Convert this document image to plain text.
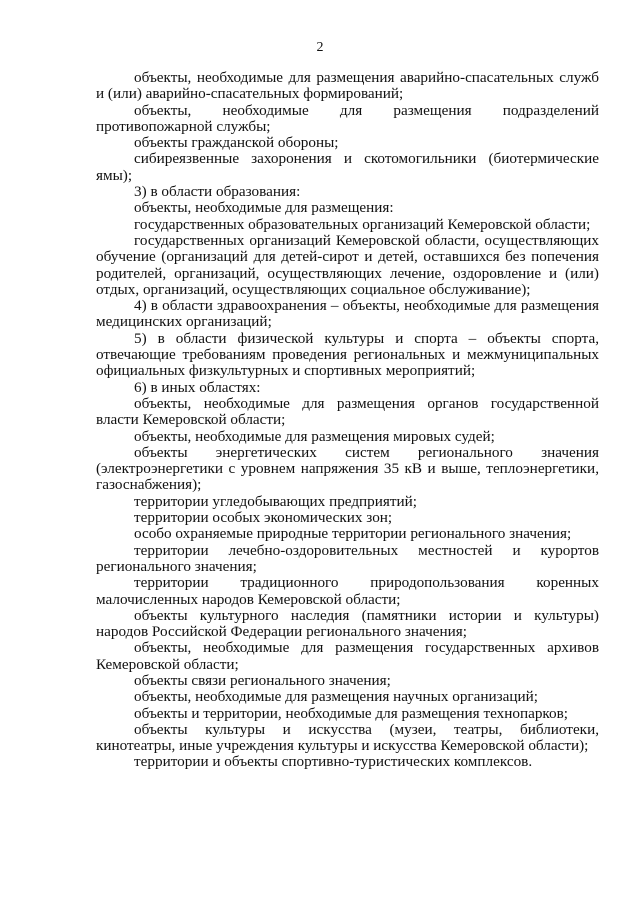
2

объекты, необходимые для размещения аварийно-спасательных служб и (или) аварийно-спасательных формирований;

объекты, необходимые для размещения подразделений противопожарной службы;

объекты гражданской обороны;

сибиреязвенные захоронения и скотомогильники (биотермические ямы);

3) в области образования:

объекты, необходимые для размещения:

государственных образовательных организаций Кемеровской области;

государственных организаций Кемеровской области, осуществляющих обучение (организаций для детей-сирот и детей, оставшихся без попечения родителей, организаций, осуществляющих лечение, оздоровление и (или) отдых, организаций, осуществляющих социальное обслуживание);

4) в области здравоохранения – объекты, необходимые для размещения медицинских организаций;

5) в области физической культуры и спорта – объекты спорта, отвечающие требованиям проведения региональных и межмуниципальных официальных физкультурных и спортивных мероприятий;

6) в иных областях:

объекты, необходимые для размещения органов государственной власти Кемеровской области;

объекты, необходимые для размещения мировых судей;

объекты энергетических систем регионального значения (электроэнергетики с уровнем напряжения 35 кВ и выше, теплоэнергетики, газоснабжения);

территории угледобывающих предприятий;

территории особых экономических зон;

особо охраняемые природные территории регионального значения;

территории лечебно-оздоровительных местностей и курортов регионального значения;

территории традиционного природопользования коренных малочисленных народов Кемеровской области;

объекты культурного наследия (памятники истории и культуры) народов Российской Федерации регионального значения;

объекты, необходимые для размещения государственных архивов Кемеровской области;

объекты связи регионального значения;

объекты, необходимые для размещения научных организаций;

объекты и территории, необходимые для размещения технопарков;

объекты культуры и искусства (музеи, театры, библиотеки, кинотеатры, иные учреждения культуры и искусства Кемеровской области);

территории и объекты спортивно-туристических комплексов.
